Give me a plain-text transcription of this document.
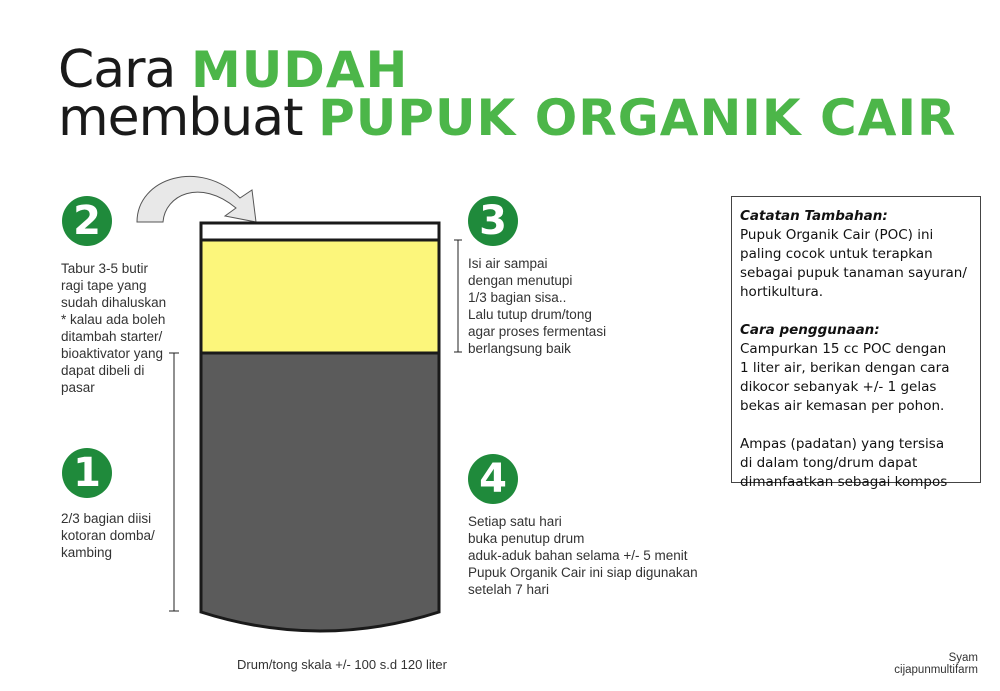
Cara MUDAH
membuat PUPUK ORGANIK CAIR
2
Tabur 3-5 butir
ragi tape yang
sudah dihaluskan
* kalau ada boleh
ditambah starter/
bioaktivator yang
dapat dibeli di
pasar
3
Isi air sampai
dengan menutupi
1/3 bagian sisa..
Lalu tutup drum/tong
agar proses fermentasi
berlangsung baik
1
2/3 bagian diisi
kotoran domba/
kambing
4
Setiap satu hari
buka penutup drum
aduk-aduk bahan selama +/- 5 menit
Pupuk Organik Cair ini siap digunakan
setelah 7 hari
Catatan Tambahan:
Pupuk Organik Cair (POC) ini
paling cocok untuk terapkan
sebagai pupuk tanaman sayuran/
hortikultura.
Cara penggunaan:
Campurkan 15 cc POC dengan
1 liter air, berikan dengan cara
dikocor sebanyak +/- 1 gelas
bekas air kemasan per pohon.
Ampas (padatan) yang tersisa
di dalam tong/drum dapat
dimanfaatkan sebagai kompos
Drum/tong skala +/- 100 s.d 120 liter	Syam
cijapunmultifarm
